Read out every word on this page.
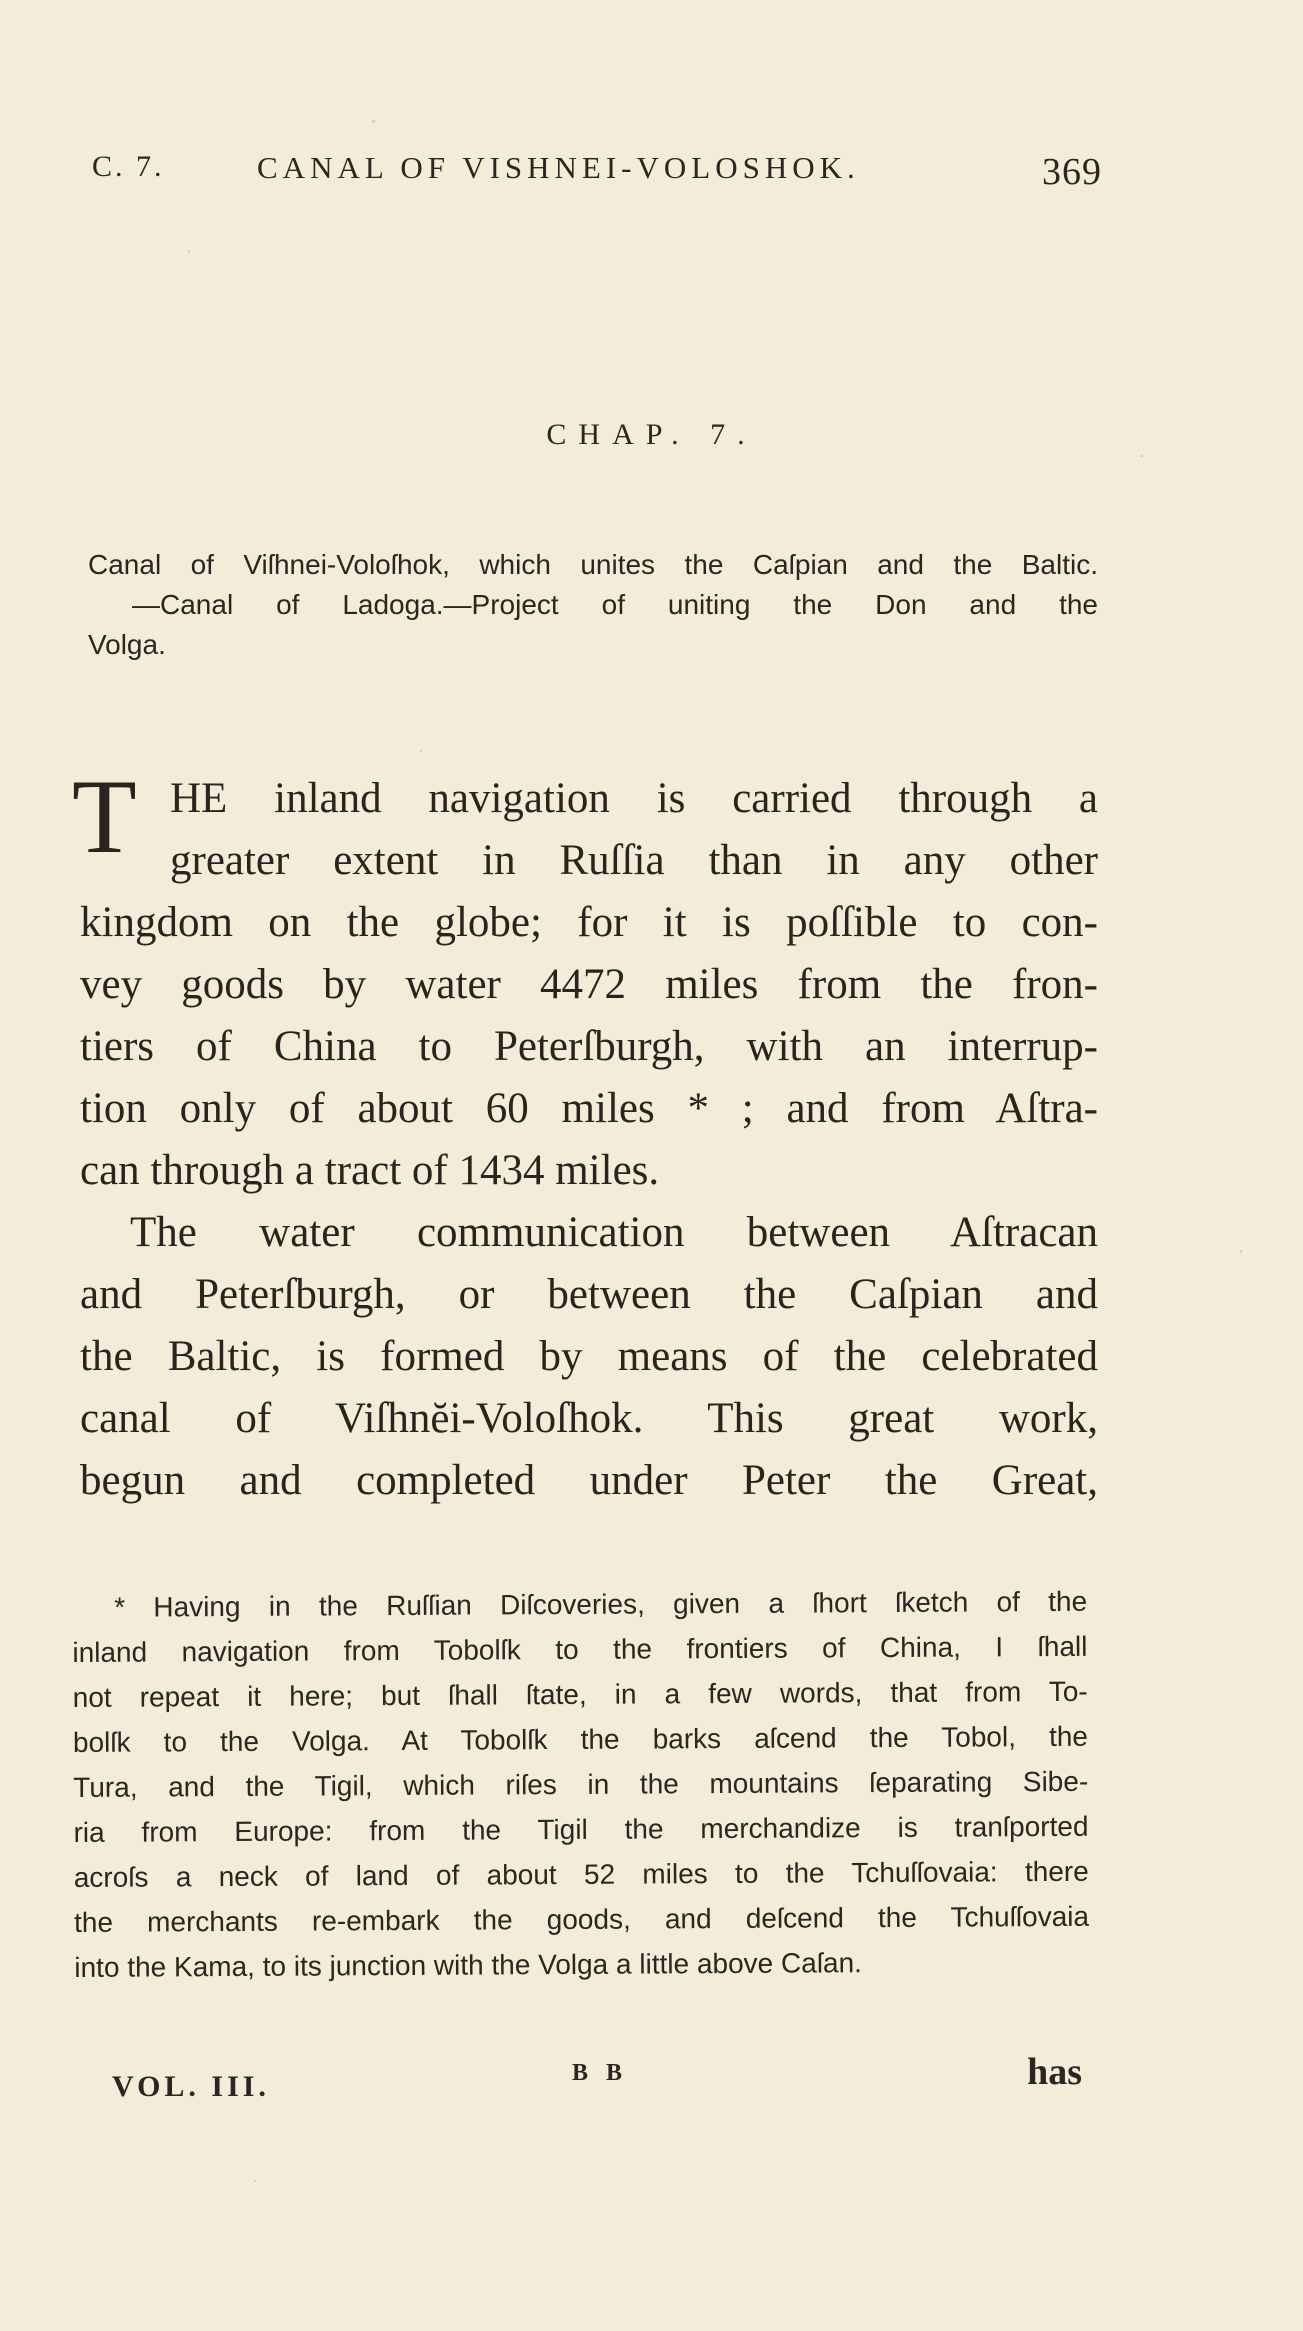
C. 7.	CANAL OF VISHNEI-VOLOSHOK.	369
CHAP. 7.
Canal of Viſhnei-Voloſhok, which unites the Caſpian and the Baltic.
—Canal of Ladoga.—Project of uniting the Don and the
Volga.
T HE inland navigation is carried through a
greater extent in Ruſſia than in any other
kingdom on the globe; for it is poſſible to con-
vey goods by water 4472 miles from the fron-
tiers of China to Peterſburgh, with an interrup-
tion only of about 60 miles * ; and from Aſtra-
can through a tract of 1434 miles.
The water communication between Aſtracan
and Peterſburgh, or between the Caſpian and
the Baltic, is formed by means of the celebrated
canal of Viſhnĕi-Voloſhok. This great work,
begun and completed under Peter the Great,
* Having in the Ruſſian Diſcoveries, given a ſhort ſketch of the
inland navigation from Tobolſk to the frontiers of China, I ſhall
not repeat it here; but ſhall ſtate, in a few words, that from To-
bolſk to the Volga. At Tobolſk the barks aſcend the Tobol, the
Tura, and the Tigil, which riſes in the mountains ſeparating Sibe-
ria from Europe: from the Tigil the merchandize is tranſported
acroſs a neck of land of about 52 miles to the Tchuſſovaia: there
the merchants re-embark the goods, and deſcend the Tchuſſovaia
into the Kama, to its junction with the Volga a little above Caſan.
VOL. III.	B B	has
